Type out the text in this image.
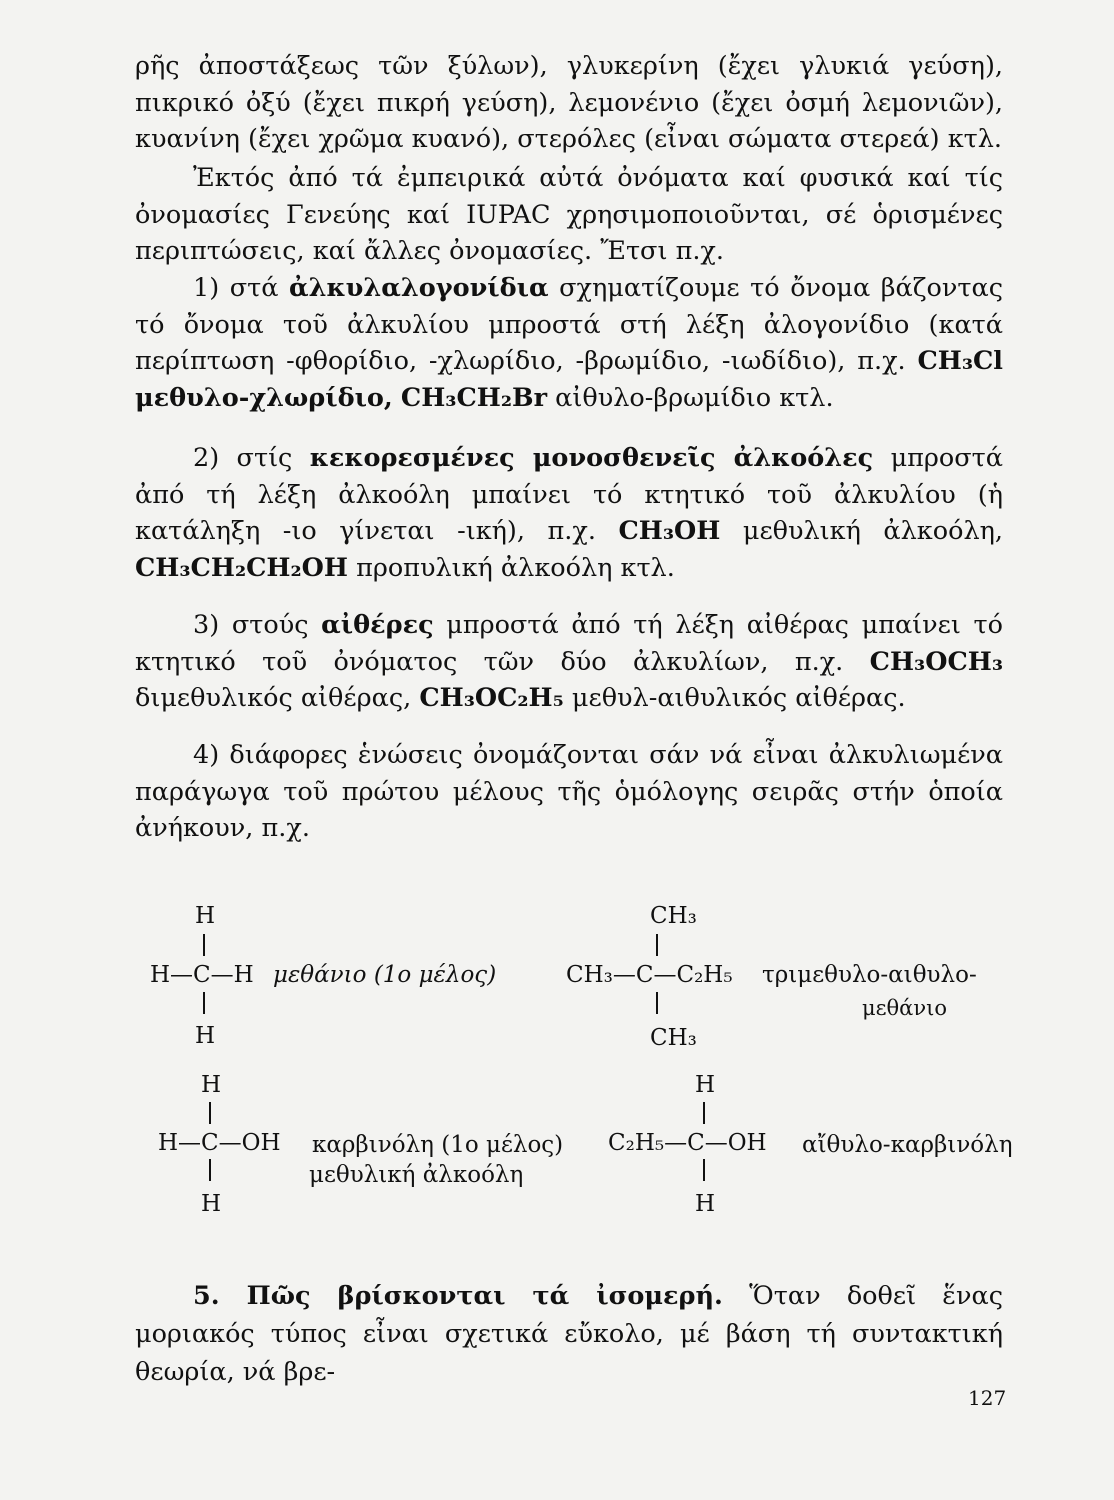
ρῆς ἀποστάξεως τῶν ξύλων), γλυκερίνη (ἔχει γλυκιά γεύση), πικρικό ὀξύ (ἔχει πικρή γεύση), λεμονένιο (ἔχει ὀσμή λεμονιῶν), κυανίνη (ἔχει χρῶμα κυανό), στερόλες (εἶναι σώματα στερεά) κτλ.

Ἐκτός ἀπό τά ἐμπειρικά αὐτά ὀνόματα καί φυσικά καί τίς ὀνομασίες Γενεύης καί IUPAC χρησιμοποιοῦνται, σέ ὁρισμένες περιπτώσεις, καί ἄλλες ὀνομασίες. Ἔτσι π.χ.

1) στά ἀλκυλαλογονίδια σχηματίζουμε τό ὄνομα βάζοντας τό ὄνομα τοῦ ἀλκυλίου μπροστά στή λέξη ἀλογονίδιο (κατά περίπτωση -φθορίδιο, -χλωρίδιο, -βρωμίδιο, -ιωδίδιο), π.χ. CH₃Cl μεθυλο-χλωρίδιο, CH₃CH₂Br αἰθυλο-βρωμίδιο κτλ.

2) στίς κεκορεσμένες μονοσθενεῖς ἀλκοόλες μπροστά ἀπό τή λέξη ἀλκοόλη μπαίνει τό κτητικό τοῦ ἀλκυλίου (ἡ κατάληξη -ιο γίνεται -ική), π.χ. CH₃OH μεθυλική ἀλκοόλη, CH₃CH₂CH₂OH προπυλική ἀλκοόλη κτλ.

3) στούς αἰθέρες μπροστά ἀπό τή λέξη αἰθέρας μπαίνει τό κτητικό τοῦ ὀνόματος τῶν δύο ἀλκυλίων, π.χ. CH₃OCH₃ διμεθυλικός αἰθέρας, CH₃OC₂H₅ μεθυλ-αιθυλικός αἰθέρας.

4) διάφορες ἑνώσεις ὀνομάζονται σάν νά εἶναι ἀλκυλιωμένα παράγωγα τοῦ πρώτου μέλους τῆς ὁμόλογης σειρᾶς στήν ὁποία ἀνήκουν, π.χ.

H
H—C—H μεθάνιο (1ο μέλος)
H
CH₃
CH₃—C—C₂H₅ τριμεθυλο-αιθυλο-
μεθάνιο
CH₃
H
H—C—OH καρβινόλη (1ο μέλος)
μεθυλική ἀλκοόλη
H
H
C₂H₅—C—OH αἴθυλο-καρβινόλη
H

5. Πῶς βρίσκονται τά ἰσομερή. Ὅταν δοθεῖ ἕνας μοριακός τύπος εἶναι σχετικά εὔκολο, μέ βάση τή συντακτική θεωρία, νά βρε-

127
